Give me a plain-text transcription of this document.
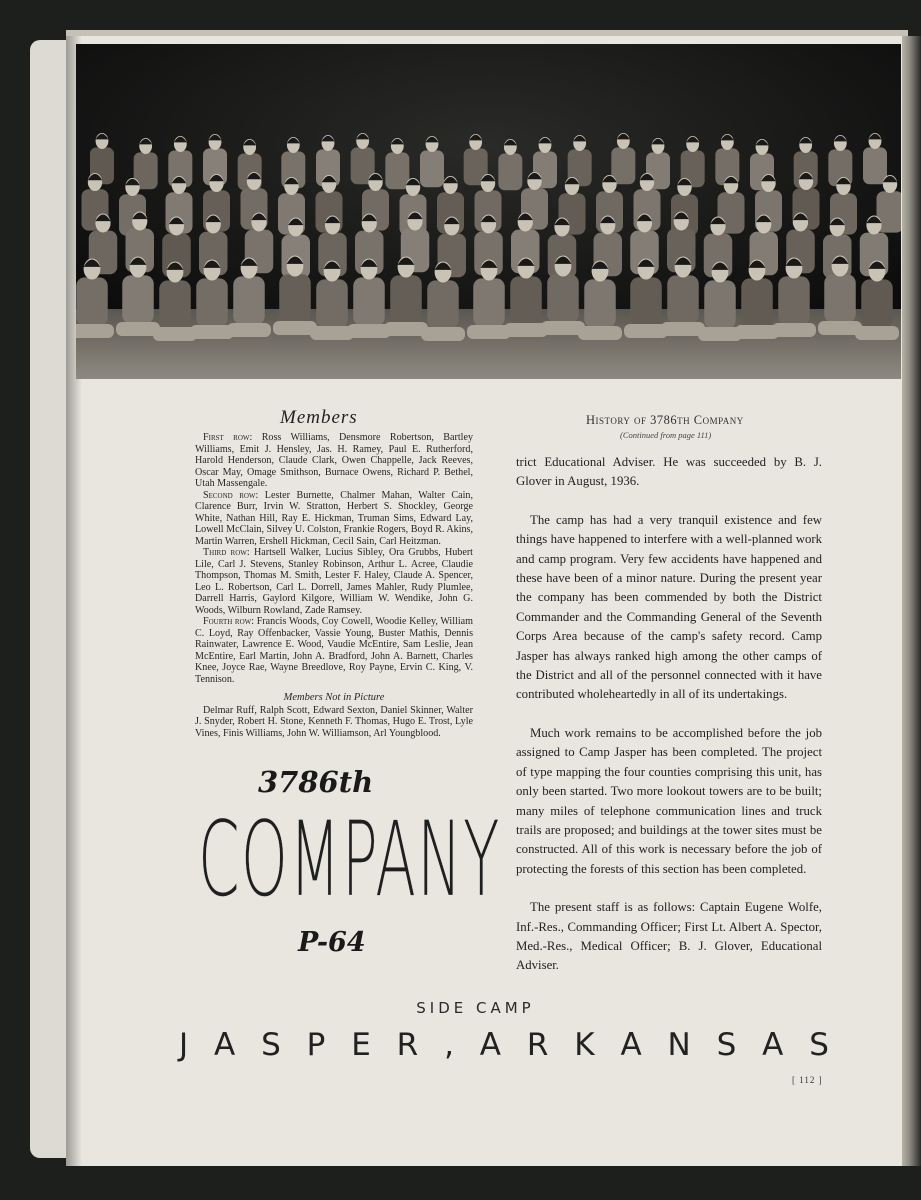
Members

First row: Ross Williams, Densmore Robertson, Bartley Williams, Emit J. Hensley, Jas. H. Ramey, Paul E. Rutherford, Harold Henderson, Claude Clark, Owen Chappelle, Jack Reeves, Oscar May, Omage Smithson, Burnace Owens, Richard P. Bethel, Utah Massengale.

Second row: Lester Burnette, Chalmer Mahan, Walter Cain, Clarence Burr, Irvin W. Stratton, Herbert S. Shockley, George White, Nathan Hill, Ray E. Hickman, Truman Sims, Edward Lay, Lowell McClain, Silvey U. Colston, Frankie Rogers, Boyd R. Akins, Martin Warren, Ershell Hickman, Cecil Sain, Carl Heitzman.

Third row: Hartsell Walker, Lucius Sibley, Ora Grubbs, Hubert Lile, Carl J. Stevens, Stanley Robinson, Arthur L. Acree, Claudie Thompson, Thomas M. Smith, Lester F. Haley, Claude A. Spencer, Leo L. Robertson, Carl L. Dorrell, James Mahler, Rudy Plumlee, Darrell Harris, Gaylord Kilgore, William W. Wendike, John G. Woods, Wilburn Rowland, Zade Ramsey.

Fourth row: Francis Woods, Coy Cowell, Woodie Kelley, William C. Loyd, Ray Offenbacker, Vassie Young, Buster Mathis, Dennis Rainwater, Lawrence E. Wood, Vaudie McEntire, Sam Leslie, Jean McEntire, Earl Martin, John A. Bradford, John A. Barnett, Charles Knee, Joyce Rae, Wayne Breedlove, Roy Payne, Ervin C. King, V. Tennison.

Members Not in Picture

Delmar Ruff, Ralph Scott, Edward Sexton, Daniel Skinner, Walter J. Snyder, Robert H. Stone, Kenneth F. Thomas, Hugo E. Trost, Lyle Vines, Finis Williams, John W. Williamson, Arl Youngblood.

3786th
COMPANY
P-64
History of 3786th Company
(Continued from page 111)

trict Educational Adviser. He was succeeded by B. J. Glover in August, 1936.

The camp has had a very tranquil existence and few things have happened to interfere with a well-planned work and camp program. Very few accidents have happened and these have been of a minor nature. During the present year the company has been commended by both the District Commander and the Commanding General of the Seventh Corps Area because of the camp's safety record. Camp Jasper has always ranked high among the other camps of the District and all of the personnel connected with it have contributed wholeheartedly in all of its undertakings.

Much work remains to be accomplished before the job assigned to Camp Jasper has been completed. The project of type mapping the four counties comprising this unit, has only been started. Two more lookout towers are to be built; many miles of telephone communication lines and truck trails are proposed; and buildings at the tower sites must be constructed. All of this work is necessary before the job of protecting the forests of this section has been completed.

The present staff is as follows: Captain Eugene Wolfe, Inf.-Res., Commanding Officer; First Lt. Albert A. Spector, Med.-Res., Medical Officer; B. J. Glover, Educational Adviser.

SIDE CAMP
J A S P E R , A R K A N S A S
[ 112 ]
